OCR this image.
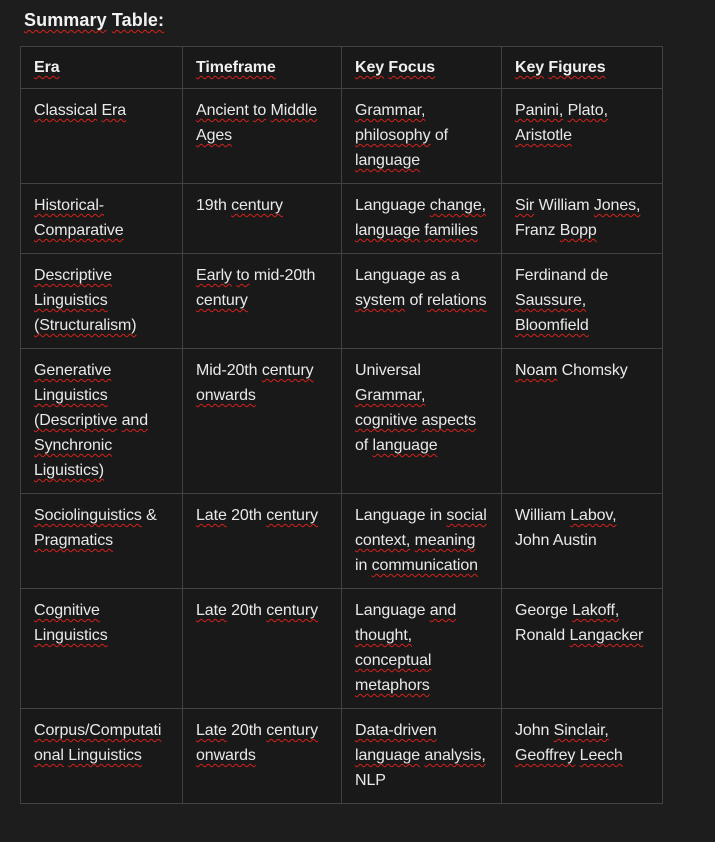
Summary Table:
Era	Timeframe	Key Focus	Key Figures
Classical Era	Ancient to Middle Ages	Grammar, philosophy of language	Panini, Plato, Aristotle
Historical-Comparative	19th century	Language change, language families	Sir William Jones, Franz Bopp
Descriptive Linguistics (Structuralism)	Early to mid-20th century	Language as a system of relations	Ferdinand de Saussure, Bloomfield
Generative Linguistics (Descriptive and Synchronic Liguistics)	Mid-20th century onwards	Universal Grammar, cognitive aspects of language	Noam Chomsky
Sociolinguistics & Pragmatics	Late 20th century	Language in social context, meaning in communication	William Labov, John Austin
Cognitive Linguistics	Late 20th century	Language and thought, conceptual metaphors	George Lakoff, Ronald Langacker
Corpus/Computational Linguistics	Late 20th century onwards	Data-driven language analysis, NLP	John Sinclair, Geoffrey Leech
